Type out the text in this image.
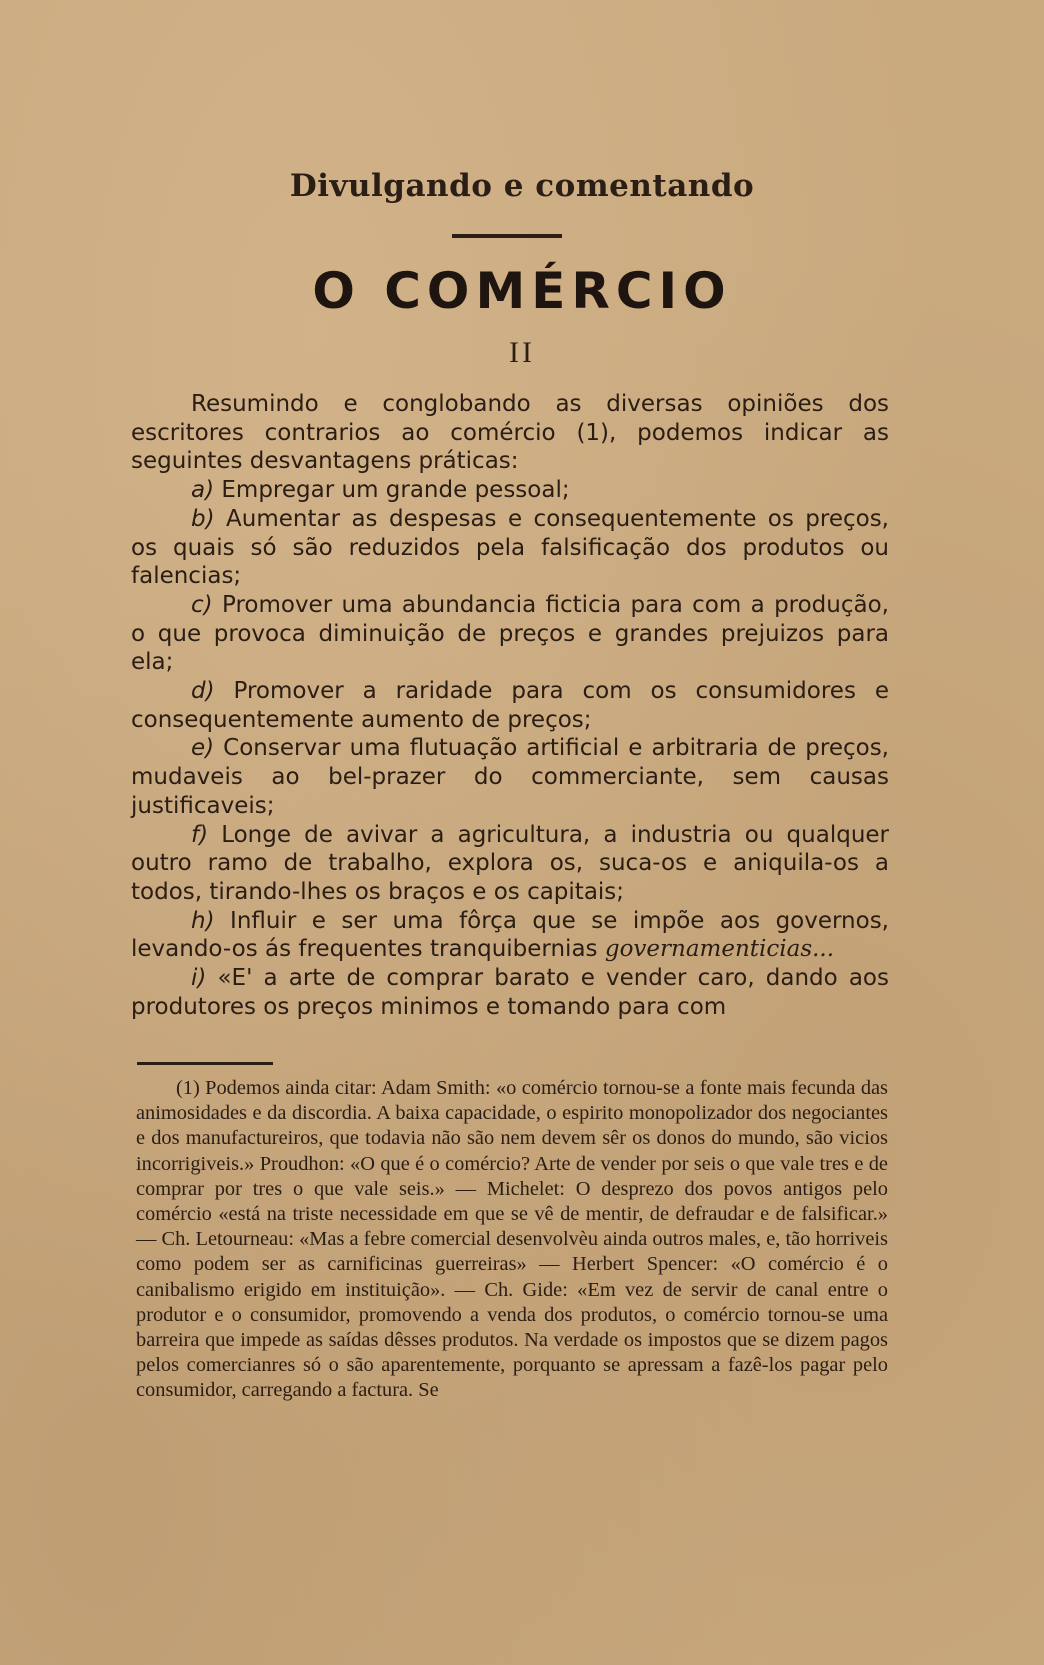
Divulgando e comentando
O COMÉRCIO
II

Resumindo e conglobando as diversas opiniões dos escritores contrarios ao comércio (1), podemos indicar as seguintes desvantagens práticas:

a) Empregar um grande pessoal;

b) Aumentar as despesas e consequentemente os preços, os quais só são reduzidos pela falsificação dos produtos ou falencias;

c) Promover uma abundancia ficticia para com a produção, o que provoca diminuição de preços e grandes prejuizos para ela;

d) Promover a raridade para com os consumidores e consequentemente aumento de preços;

e) Conservar uma flutuação artificial e arbitraria de preços, mudaveis ao bel-prazer do commerciante, sem causas justificaveis;

f) Longe de avivar a agricultura, a industria ou qualquer outro ramo de trabalho, explora os, suca-os e aniquila-os a todos, tirando-lhes os braços e os capitais;

h) Influir e ser uma fôrça que se impõe aos governos, levando-os ás frequentes tranquibernias governamenticias...

i) «E' a arte de comprar barato e vender caro, dando aos produtores os preços minimos e tomando para com

(1) Podemos ainda citar: Adam Smith: «o comércio tornou-se a fonte mais fecunda das animosidades e da discordia. A baixa capacidade, o espirito monopolizador dos negociantes e dos manufactureiros, que todavia não são nem devem sêr os donos do mundo, são vicios incorrigiveis.» Proudhon: «O que é o comércio? Arte de vender por seis o que vale tres e de comprar por tres o que vale seis.» — Michelet: O desprezo dos povos antigos pelo comércio «está na triste necessidade em que se vê de mentir, de defraudar e de falsificar.» — Ch. Letourneau: «Mas a febre comercial desenvolvèu ainda outros males, e, tão horriveis como podem ser as carnificinas guerreiras» — Herbert Spencer: «O comércio é o canibalismo erigido em instituição». — Ch. Gide: «Em vez de servir de canal entre o produtor e o consumidor, promovendo a venda dos produtos, o comércio tornou-se uma barreira que impede as saídas dêsses produtos. Na verdade os impostos que se dizem pagos pelos comercianres só o são aparentemente, porquanto se apressam a fazê-los pagar pelo consumidor, carregando a factura. Se
